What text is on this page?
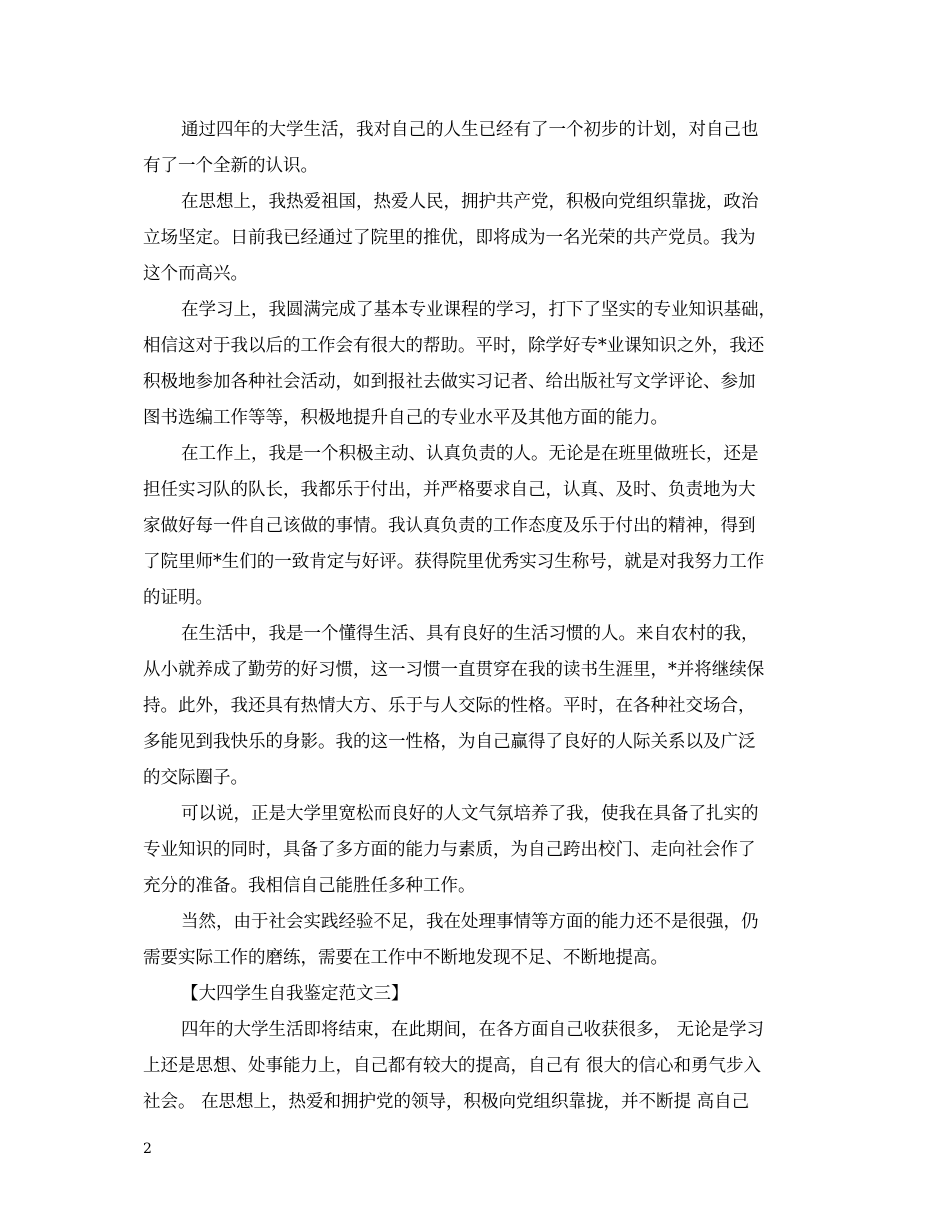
通过四年的大学生活，我对自己的人生已经有了一个初步的计划，对自己也

有了一个全新的认识。

在思想上，我热爱祖国，热爱人民，拥护共产党，积极向党组织靠拢，政治

立场坚定。日前我已经通过了院里的推优，即将成为一名光荣的共产党员。我为

这个而高兴。

在学习上，我圆满完成了基本专业课程的学习，打下了坚实的专业知识基础，

相信这对于我以后的工作会有很大的帮助。平时，除学好专*业课知识之外，我还

积极地参加各种社会活动，如到报社去做实习记者、给出版社写文学评论、参加

图书选编工作等等，积极地提升自己的专业水平及其他方面的能力。

在工作上，我是一个积极主动、认真负责的人。无论是在班里做班长，还是

担任实习队的队长，我都乐于付出，并严格要求自己，认真、及时、负责地为大

家做好每一件自己该做的事情。我认真负责的工作态度及乐于付出的精神，得到

了院里师*生们的一致肯定与好评。获得院里优秀实习生称号，就是对我努力工作

的证明。

在生活中，我是一个懂得生活、具有良好的生活习惯的人。来自农村的我，

从小就养成了勤劳的好习惯，这一习惯一直贯穿在我的读书生涯里，*并将继续保

持。此外，我还具有热情大方、乐于与人交际的性格。平时，在各种社交场合，

多能见到我快乐的身影。我的这一性格，为自己赢得了良好的人际关系以及广泛

的交际圈子。

可以说，正是大学里宽松而良好的人文气氛培养了我，使我在具备了扎实的

专业知识的同时，具备了多方面的能力与素质，为自己跨出校门、走向社会作了

充分的准备。我相信自己能胜任多种工作。

当然，由于社会实践经验不足，我在处理事情等方面的能力还不是很强，仍

需要实际工作的磨练，需要在工作中不断地发现不足、不断地提高。

【大四学生自我鉴定范文三】

四年的大学生活即将结束，在此期间，在各方面自己收获很多， 无论是学习

上还是思想、处事能力上，自己都有较大的提高，自己有 很大的信心和勇气步入

社会。 在思想上，热爱和拥护党的领导，积极向党组织靠拢，并不断提 高自己

2
